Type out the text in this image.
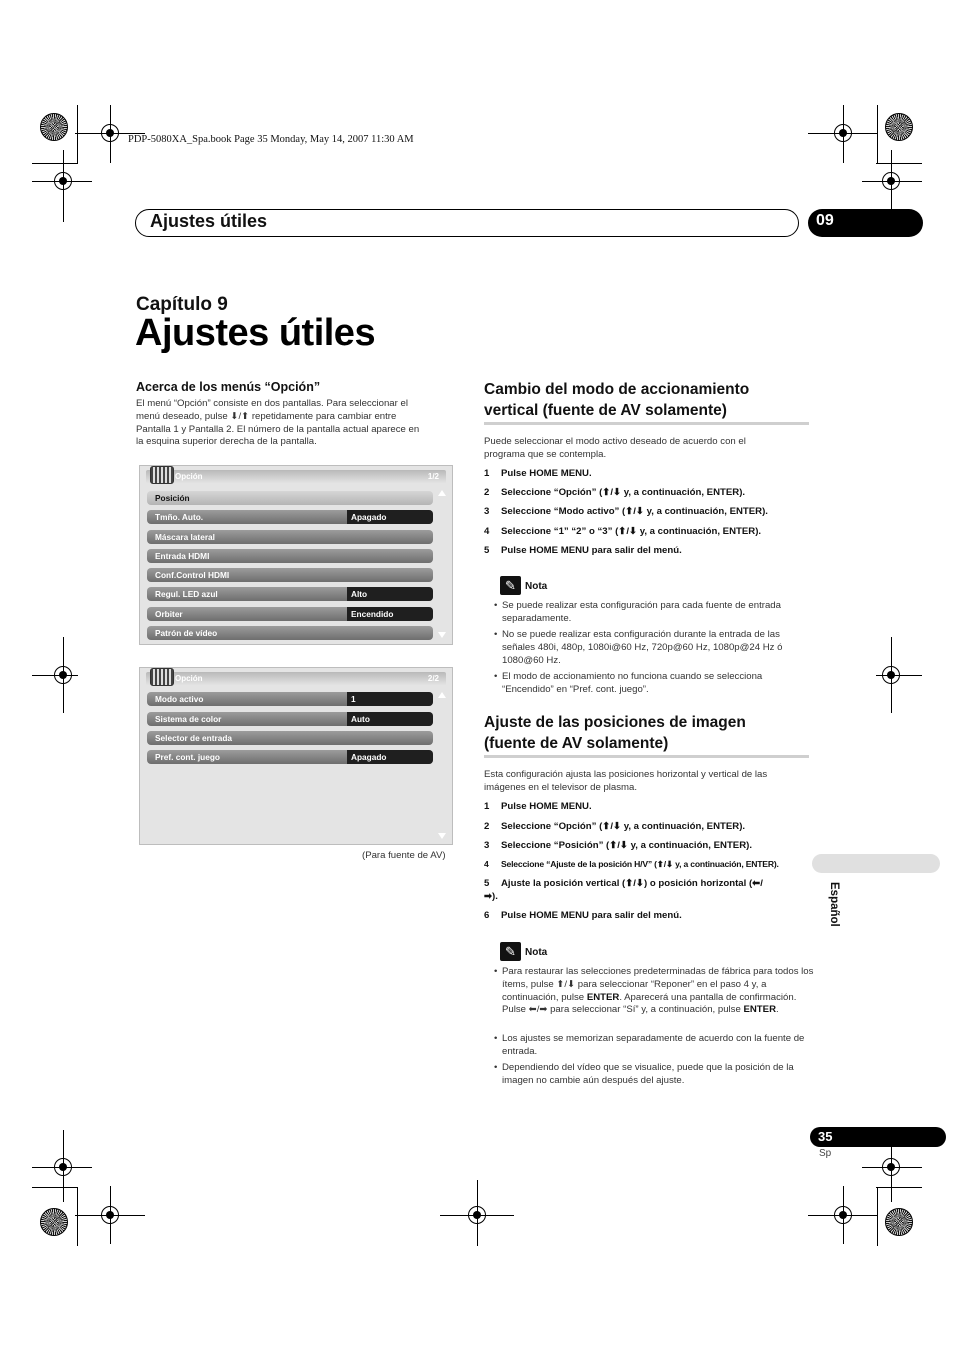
PDP-5080XA_Spa.book Page 35 Monday, May 14, 2007 11:30 AM
Ajustes útiles	09
Capítulo 9
Ajustes útiles
Acerca de los menús “Opción”
El menú “Opción” consiste en dos pantallas. Para seleccionar el
menú deseado, pulse ⬇/⬆ repetidamente para cambiar entre
Pantalla 1 y Pantalla 2. El número de la pantalla actual aparece en
la esquina superior derecha de la pantalla.
Opción	1/2
Posición
Tmño. Auto.	Apagado
Máscara lateral
Entrada HDMI
Conf.Control HDMI
Regul. LED azul	Alto
Orbiter	Encendido
Patrón de vídeo
Opción	2/2
Modo activo	1
Sistema de color	Auto
Selector de entrada
Pref. cont. juego	Apagado
(Para fuente de AV)
Cambio del modo de accionamiento
vertical (fuente de AV solamente)
Puede seleccionar el modo activo deseado de acuerdo con el
programa que se contempla.
1 Pulse HOME MENU.
2 Seleccione “Opción” (⬆/⬇ y, a continuación, ENTER).
3 Seleccione “Modo activo” (⬆/⬇ y, a continuación, ENTER).
4 Seleccione “1” “2” o “3” (⬆/⬇ y, a continuación, ENTER).
5 Pulse HOME MENU para salir del menú.
✎ Nota
• Se puede realizar esta configuración para cada fuente de entrada separadamente.
• No se puede realizar esta configuración durante la entrada de las señales 480i, 480p, 1080i@60 Hz, 720p@60 Hz, 1080p@24 Hz ó 1080@60 Hz.
• El modo de accionamiento no funciona cuando se selecciona “Encendido” en “Pref. cont. juego”.
Ajuste de las posiciones de imagen
(fuente de AV solamente)
Esta configuración ajusta las posiciones horizontal y vertical de las
imágenes en el televisor de plasma.
1 Pulse HOME MENU.
2 Seleccione “Opción” (⬆/⬇ y, a continuación, ENTER).
3 Seleccione “Posición” (⬆/⬇ y, a continuación, ENTER).
4 Seleccione “Ajuste de la posición H/V” (⬆/⬇ y, a continuación, ENTER).
5 Ajuste la posición vertical (⬆/⬇) o posición horizontal (⬅/
➡).
6 Pulse HOME MENU para salir del menú.
✎ Nota
• Para restaurar las selecciones predeterminadas de fábrica para todos los ítems, pulse ⬆/⬇ para seleccionar “Reponer” en el paso 4 y, a continuación, pulse ENTER. Aparecerá una pantalla de confirmación. Pulse ⬅/➡ para seleccionar “Sí” y, a continuación, pulse ENTER.
• Los ajustes se memorizan separadamente de acuerdo con la fuente de entrada.
• Dependiendo del vídeo que se visualice, puede que la posición de la imagen no cambie aún después del ajuste.
Español
35
Sp
